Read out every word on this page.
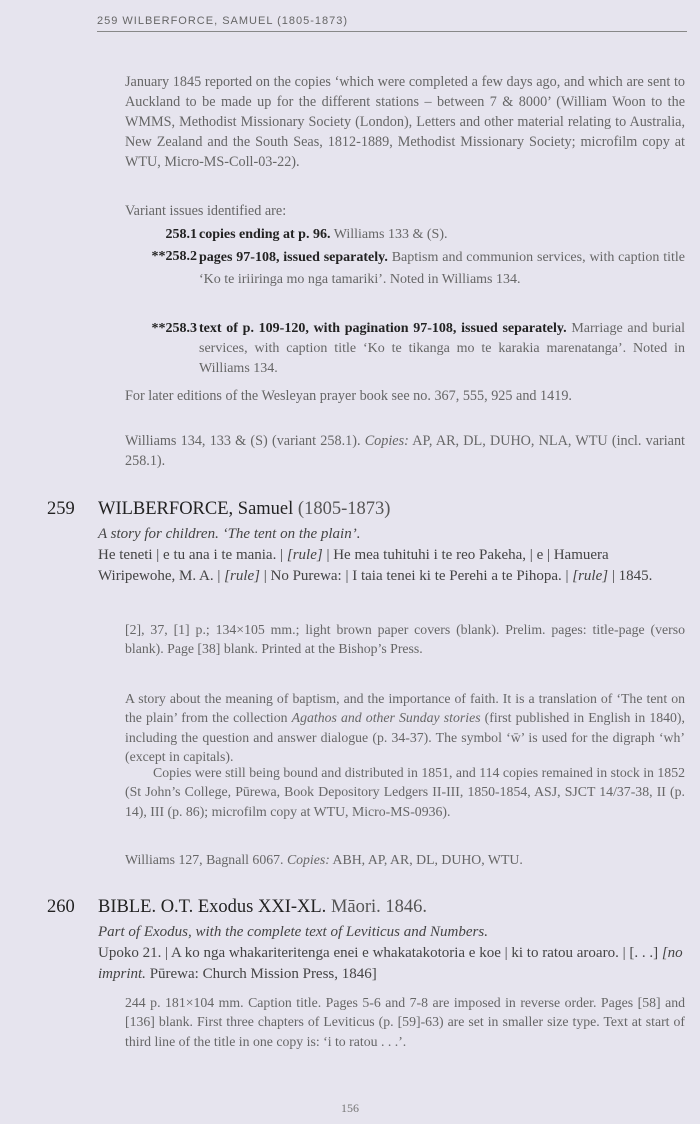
259 WILBERFORCE, SAMUEL (1805-1873)
January 1845 reported on the copies ‘which were completed a few days ago, and which are sent to Auckland to be made up for the different stations – between 7 & 8000’ (William Woon to the WMMS, Methodist Missionary Society (London), Letters and other material relating to Australia, New Zealand and the South Seas, 1812-1889, Methodist Missionary Society; microfilm copy at WTU, Micro-MS-Coll-03-22).
Variant issues identified are:
258.1 copies ending at p. 96. Williams 133 & (S).
**258.2 pages 97-108, issued separately. Baptism and communion services, with caption title ‘Ko te iriiringa mo nga tamariki’. Noted in Williams 134.
**258.3 text of p. 109-120, with pagination 97-108, issued separately. Marriage and burial services, with caption title ‘Ko te tikanga mo te karakia marenatanga’. Noted in Williams 134.
For later editions of the Wesleyan prayer book see no. 367, 555, 925 and 1419.
Williams 134, 133 & (S) (variant 258.1). Copies: AP, AR, DL, DUHO, NLA, WTU (incl. variant 258.1).
259 WILBERFORCE, Samuel (1805-1873)
A story for children. ‘The tent on the plain’.
He teneti | e tu ana i te mania. | [rule] | He mea tuhituhi i te reo Pakeha, | e | Hamuera Wiripewohe, M. A. | [rule] | No Purewa: | I taia tenei ki te Perehi a te Pihopa. | [rule] | 1845.
[2], 37, [1] p.; 134×105 mm.; light brown paper covers (blank). Prelim. pages: title-page (verso blank). Page [38] blank. Printed at the Bishop’s Press.
A story about the meaning of baptism, and the importance of faith. It is a translation of ‘The tent on the plain’ from the collection Agathos and other Sunday stories (first published in English in 1840), including the question and answer dialogue (p. 34-37). The symbol ‘w̄’ is used for the digraph ‘wh’ (except in capitals).
Copies were still being bound and distributed in 1851, and 114 copies remained in stock in 1852 (St John’s College, Pūrewa, Book Depository Ledgers II-III, 1850-1854, ASJ, SJCT 14/37-38, II (p. 14), III (p. 86); microfilm copy at WTU, Micro-MS-0936).
Williams 127, Bagnall 6067. Copies: ABH, AP, AR, DL, DUHO, WTU.
260 BIBLE. O.T. Exodus XXI-XL. Māori. 1846.
Part of Exodus, with the complete text of Leviticus and Numbers.
Upoko 21. | A ko nga whakariteritenga enei e whakatakotoria e koe | ki to ratou aroaro. | [. . .] [no imprint. Pūrewa: Church Mission Press, 1846]
244 p. 181×104 mm. Caption title. Pages 5-6 and 7-8 are imposed in reverse order. Pages [58] and [136] blank. First three chapters of Leviticus (p. [59]-63) are set in smaller size type. Text at start of third line of the title in one copy is: ‘i to ratou . . .’.
156
